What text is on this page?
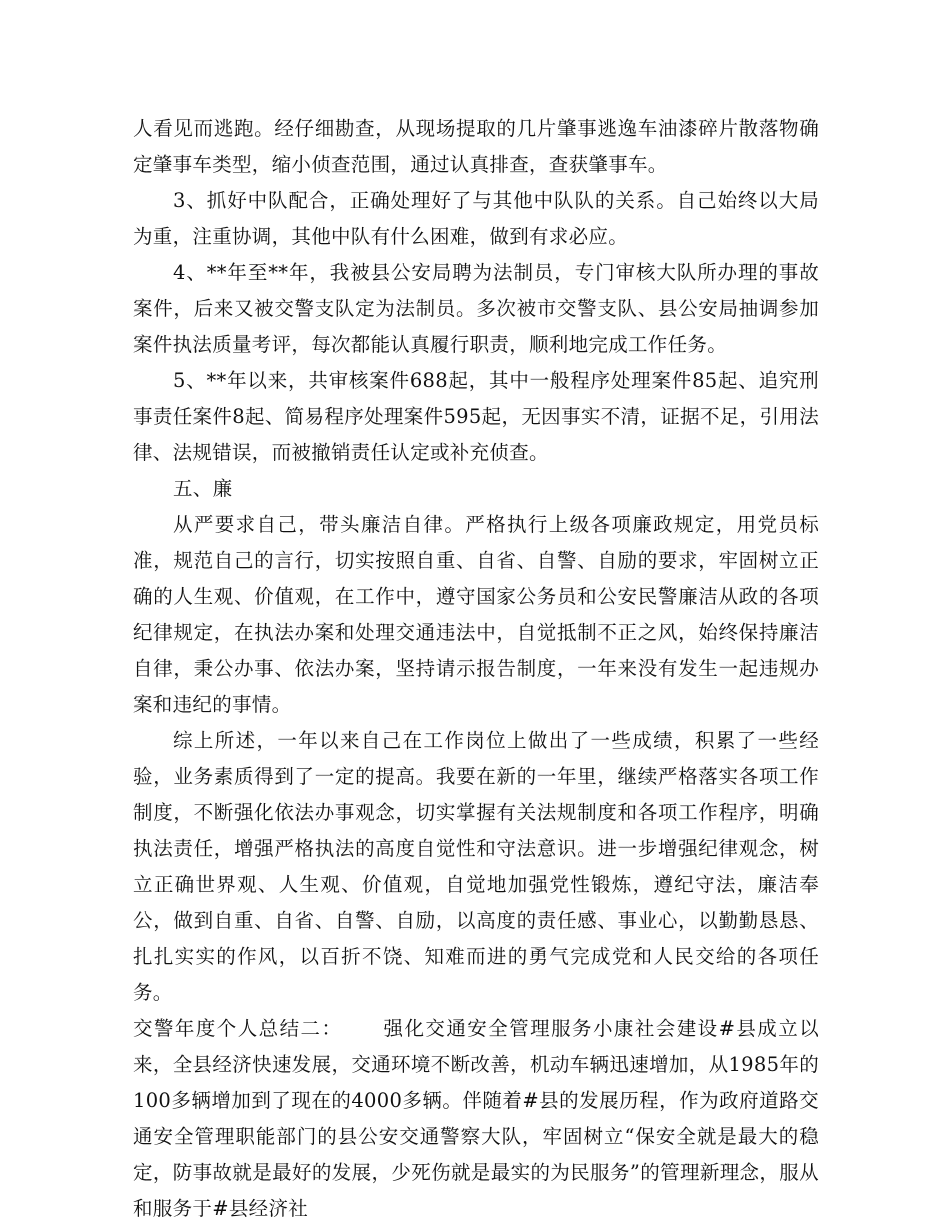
人看见而逃跑。经仔细勘查，从现场提取的几片肇事逃逸车油漆碎片散落物确定肇事车类型，缩小侦查范围，通过认真排查，查获肇事车。

3、抓好中队配合，正确处理好了与其他中队队的关系。自己始终以大局为重，注重协调，其他中队有什么困难，做到有求必应。

4、**年至**年，我被县公安局聘为法制员，专门审核大队所办理的事故案件，后来又被交警支队定为法制员。多次被市交警支队、县公安局抽调参加案件执法质量考评，每次都能认真履行职责，顺利地完成工作任务。

5、**年以来，共审核案件688起，其中一般程序处理案件85起、追究刑事责任案件8起、简易程序处理案件595起，无因事实不清，证据不足，引用法律、法规错误，而被撤销责任认定或补充侦查。

五、廉

从严要求自己，带头廉洁自律。严格执行上级各项廉政规定，用党员标准，规范自己的言行，切实按照自重、自省、自警、自励的要求，牢固树立正确的人生观、价值观，在工作中，遵守国家公务员和公安民警廉洁从政的各项纪律规定，在执法办案和处理交通违法中，自觉抵制不正之风，始终保持廉洁自律，秉公办事、依法办案，坚持请示报告制度，一年来没有发生一起违规办案和违纪的事情。

综上所述，一年以来自己在工作岗位上做出了一些成绩，积累了一些经验，业务素质得到了一定的提高。我要在新的一年里，继续严格落实各项工作制度，不断强化依法办事观念，切实掌握有关法规制度和各项工作程序，明确执法责任，增强严格执法的高度自觉性和守法意识。进一步增强纪律观念，树立正确世界观、人生观、价值观，自觉地加强党性锻炼，遵纪守法，廉洁奉公，做到自重、自省、自警、自励，以高度的责任感、事业心，以勤勤恳恳、扎扎实实的作风，以百折不饶、知难而进的勇气完成党和人民交给的各项任务。

交警年度个人总结二： 强化交通安全管理服务小康社会建设#县成立以来，全县经济快速发展，交通环境不断改善，机动车辆迅速增加，从1985年的100多辆增加到了现在的4000多辆。伴随着#县的发展历程，作为政府道路交通安全管理职能部门的县公安交通警察大队，牢固树立“保安全就是最大的稳定，防事故就是最好的发展，少死伤就是最实的为民服务”的管理新理念，服从和服务于#县经济社
